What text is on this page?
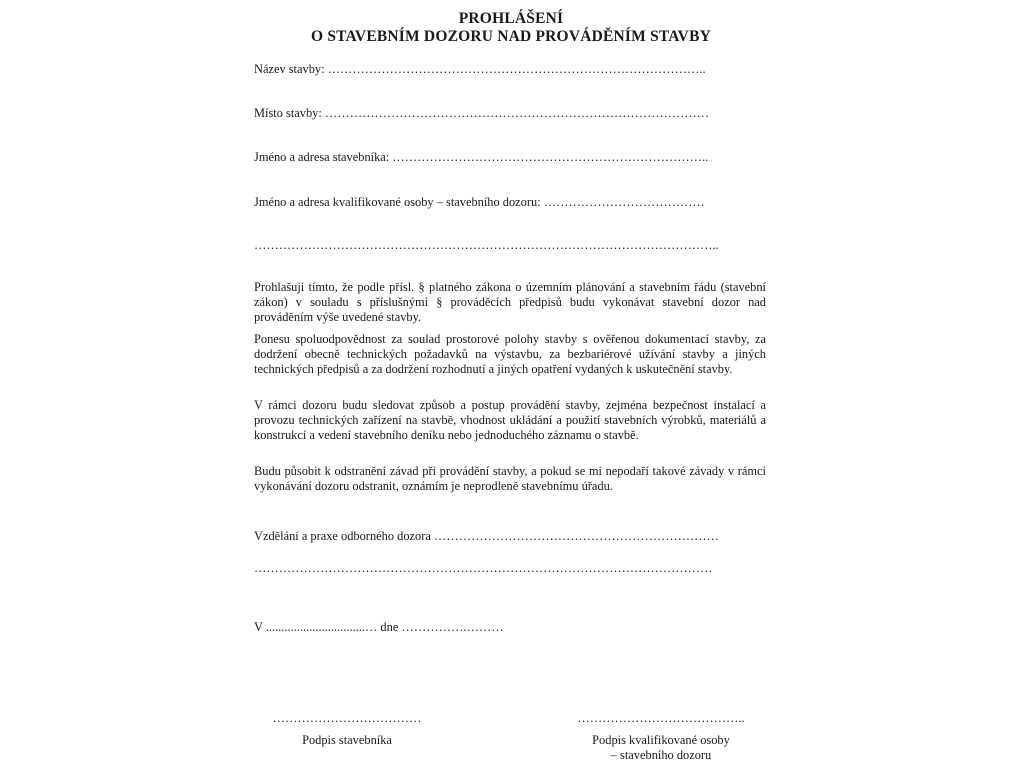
PROHLÁŠENÍ
O STAVEBNÍM DOZORU NAD PROVÁDĚNÍM STAVBY
Název stavby: ………………………………………………………………………………..
Místo stavby: …………………………………………………………………………………
Jméno a adresa stavebníka: …………………………………………………………………..
Jméno a adresa kvalifikované osoby – stavebního dozoru: …………………………………
…………………………………………………………………………………………………..
Prohlašuji tímto, že podle přísl. § platného zákona o územním plánování a stavebním řádu (stavební zákon) v souladu s příslušnými § prováděcích předpisů budu vykonávat stavební dozor nad prováděním výše uvedené stavby.
Ponesu spoluodpovědnost za soulad prostorové polohy stavby s ověřenou dokumentací stavby, za dodržení obecně technických požadavků na výstavbu, za bezbariérové užívání stavby a jiných technických předpisů a za dodržení rozhodnutí a jiných opatření vydaných k uskutečnění stavby.
V rámci dozoru budu sledovat způsob a postup provádění stavby, zejména bezpečnost instalací a provozu technických zařízení na stavbě, vhodnost ukládání a použití stavebních výrobků, materiálů a konstrukcí a vedení stavebního deníku nebo jednoduchého záznamu o stavbě.
Budu působit k odstranění závad při provádění stavby, a pokud se mi nepodaří takové závady v rámci vykonávání dozoru odstranit, oznámím je neprodleně stavebnímu úřadu.
Vzdělání a praxe odborného dozora ……………………………………………………………
…………………………………………………………………………………………………
V ................................… dne …………….………
………………………………
Podpis stavebníka
…………………………………..
Podpis kvalifikované osoby
– stavebního dozoru
